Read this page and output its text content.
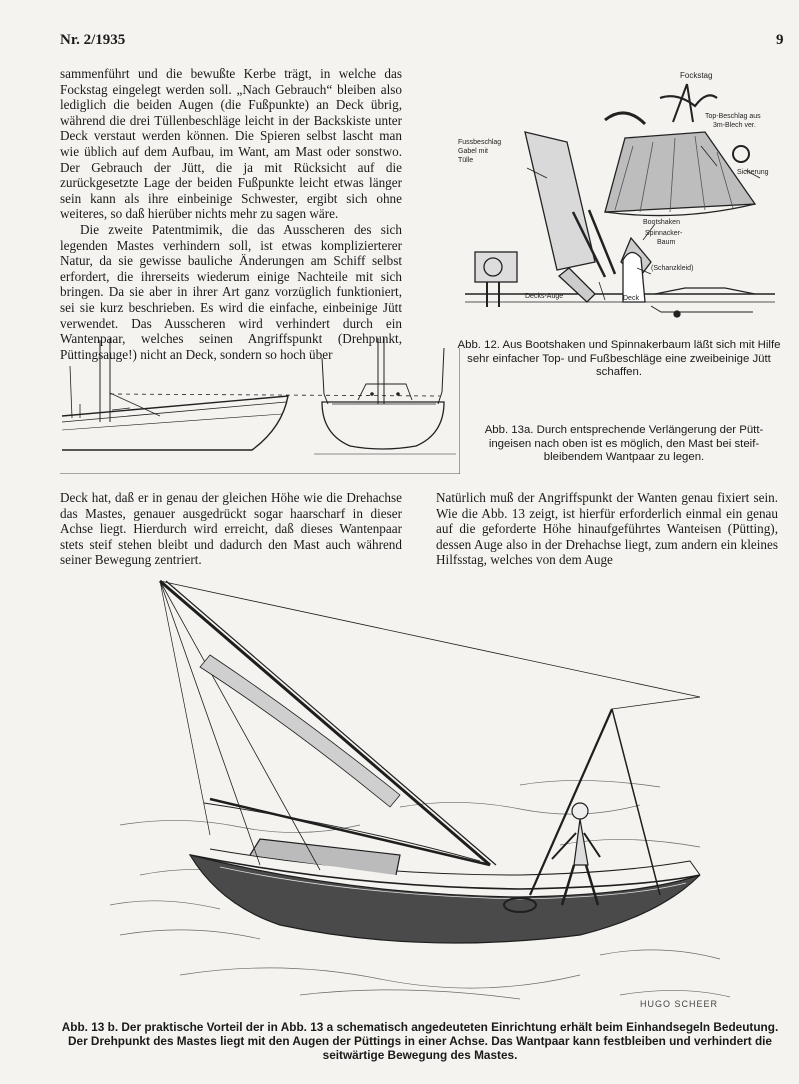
Nr. 2/1935	9

sammenführt und die bewußte Kerbe trägt, in welche das Fockstag eingelegt werden soll. „Nach Gebrauch“ bleiben also lediglich die beiden Augen (die Fußpunkte) an Deck übrig, während die drei Tüllenbeschläge leicht in der Backskiste unter Deck verstaut werden können. Die Spieren selbst lascht man wie üblich auf dem Aufbau, im Want, am Mast oder sonstwo. Der Gebrauch der Jütt, die ja mit Rücksicht auf die zurückgesetzte Lage der beiden Fußpunkte leicht etwas länger sein kann als ihre einbeinige Schwester, ergibt sich ohne weiteres, so daß hierüber nichts mehr zu sagen wäre.

Die zweite Patentmimik, die das Ausscheren des sich legenden Mastes verhindern soll, ist etwas komplizierterer Natur, da sie gewisse bauliche Änderungen am Schiff selbst erfordert, die ihrerseits wiederum einige Nachteile mit sich bringen. Da sie aber in ihrer Art ganz vorzüglich funktioniert, sei sie kurz beschrieben. Es wird die einfache, einbeinige Jütt verwendet. Das Ausscheren wird verhindert durch ein Wantenpaar, welches seinen Angriffspunkt (Drehpunkt, Püttingsauge!) nicht an Deck, sondern so hoch über

Fockstag
Top-Beschlag aus
3m-Blech ver.
Fussbeschlag
Gabel mit
Tülle
Sicherung
Bootshaken
Spinnacker-
Baum
(Schanzkleid)
Decks-Auge	Deck
Abb. 12. Aus Bootshaken und Spinnakerbaum läßt sich mit Hilfe sehr einfacher Top- und Fußbeschläge eine zweibeinige Jütt schaffen.
Abb. 13a. Durch entsprechende Verlängerung der Pütt-ingeisen nach oben ist es möglich, den Mast bei steif-bleibendem Wantpaar zu legen.

Deck hat, daß er in genau der gleichen Höhe wie die Drehachse das Mastes, genauer ausgedrückt sogar haarscharf in dieser Achse liegt. Hierdurch wird erreicht, daß dieses Wantenpaar stets steif stehen bleibt und dadurch den Mast auch während seiner Bewegung zentriert.

Natürlich muß der Angriffspunkt der Wanten genau fixiert sein. Wie die Abb. 13 zeigt, ist hierfür erforderlich einmal ein genau auf die geforderte Höhe hinaufgeführtes Wanteisen (Pütting), dessen Auge also in der Drehachse liegt, zum andern ein kleines Hilfsstag, welches von dem Auge

HUGO SCHEER
Abb. 13 b. Der praktische Vorteil der in Abb. 13 a schematisch angedeuteten Einrichtung erhält beim Einhandsegeln Bedeutung. Der Drehpunkt des Mastes liegt mit den Augen der Püttings in einer Achse. Das Wantpaar kann festbleiben und verhindert die seitwärtige Bewegung des Mastes.
